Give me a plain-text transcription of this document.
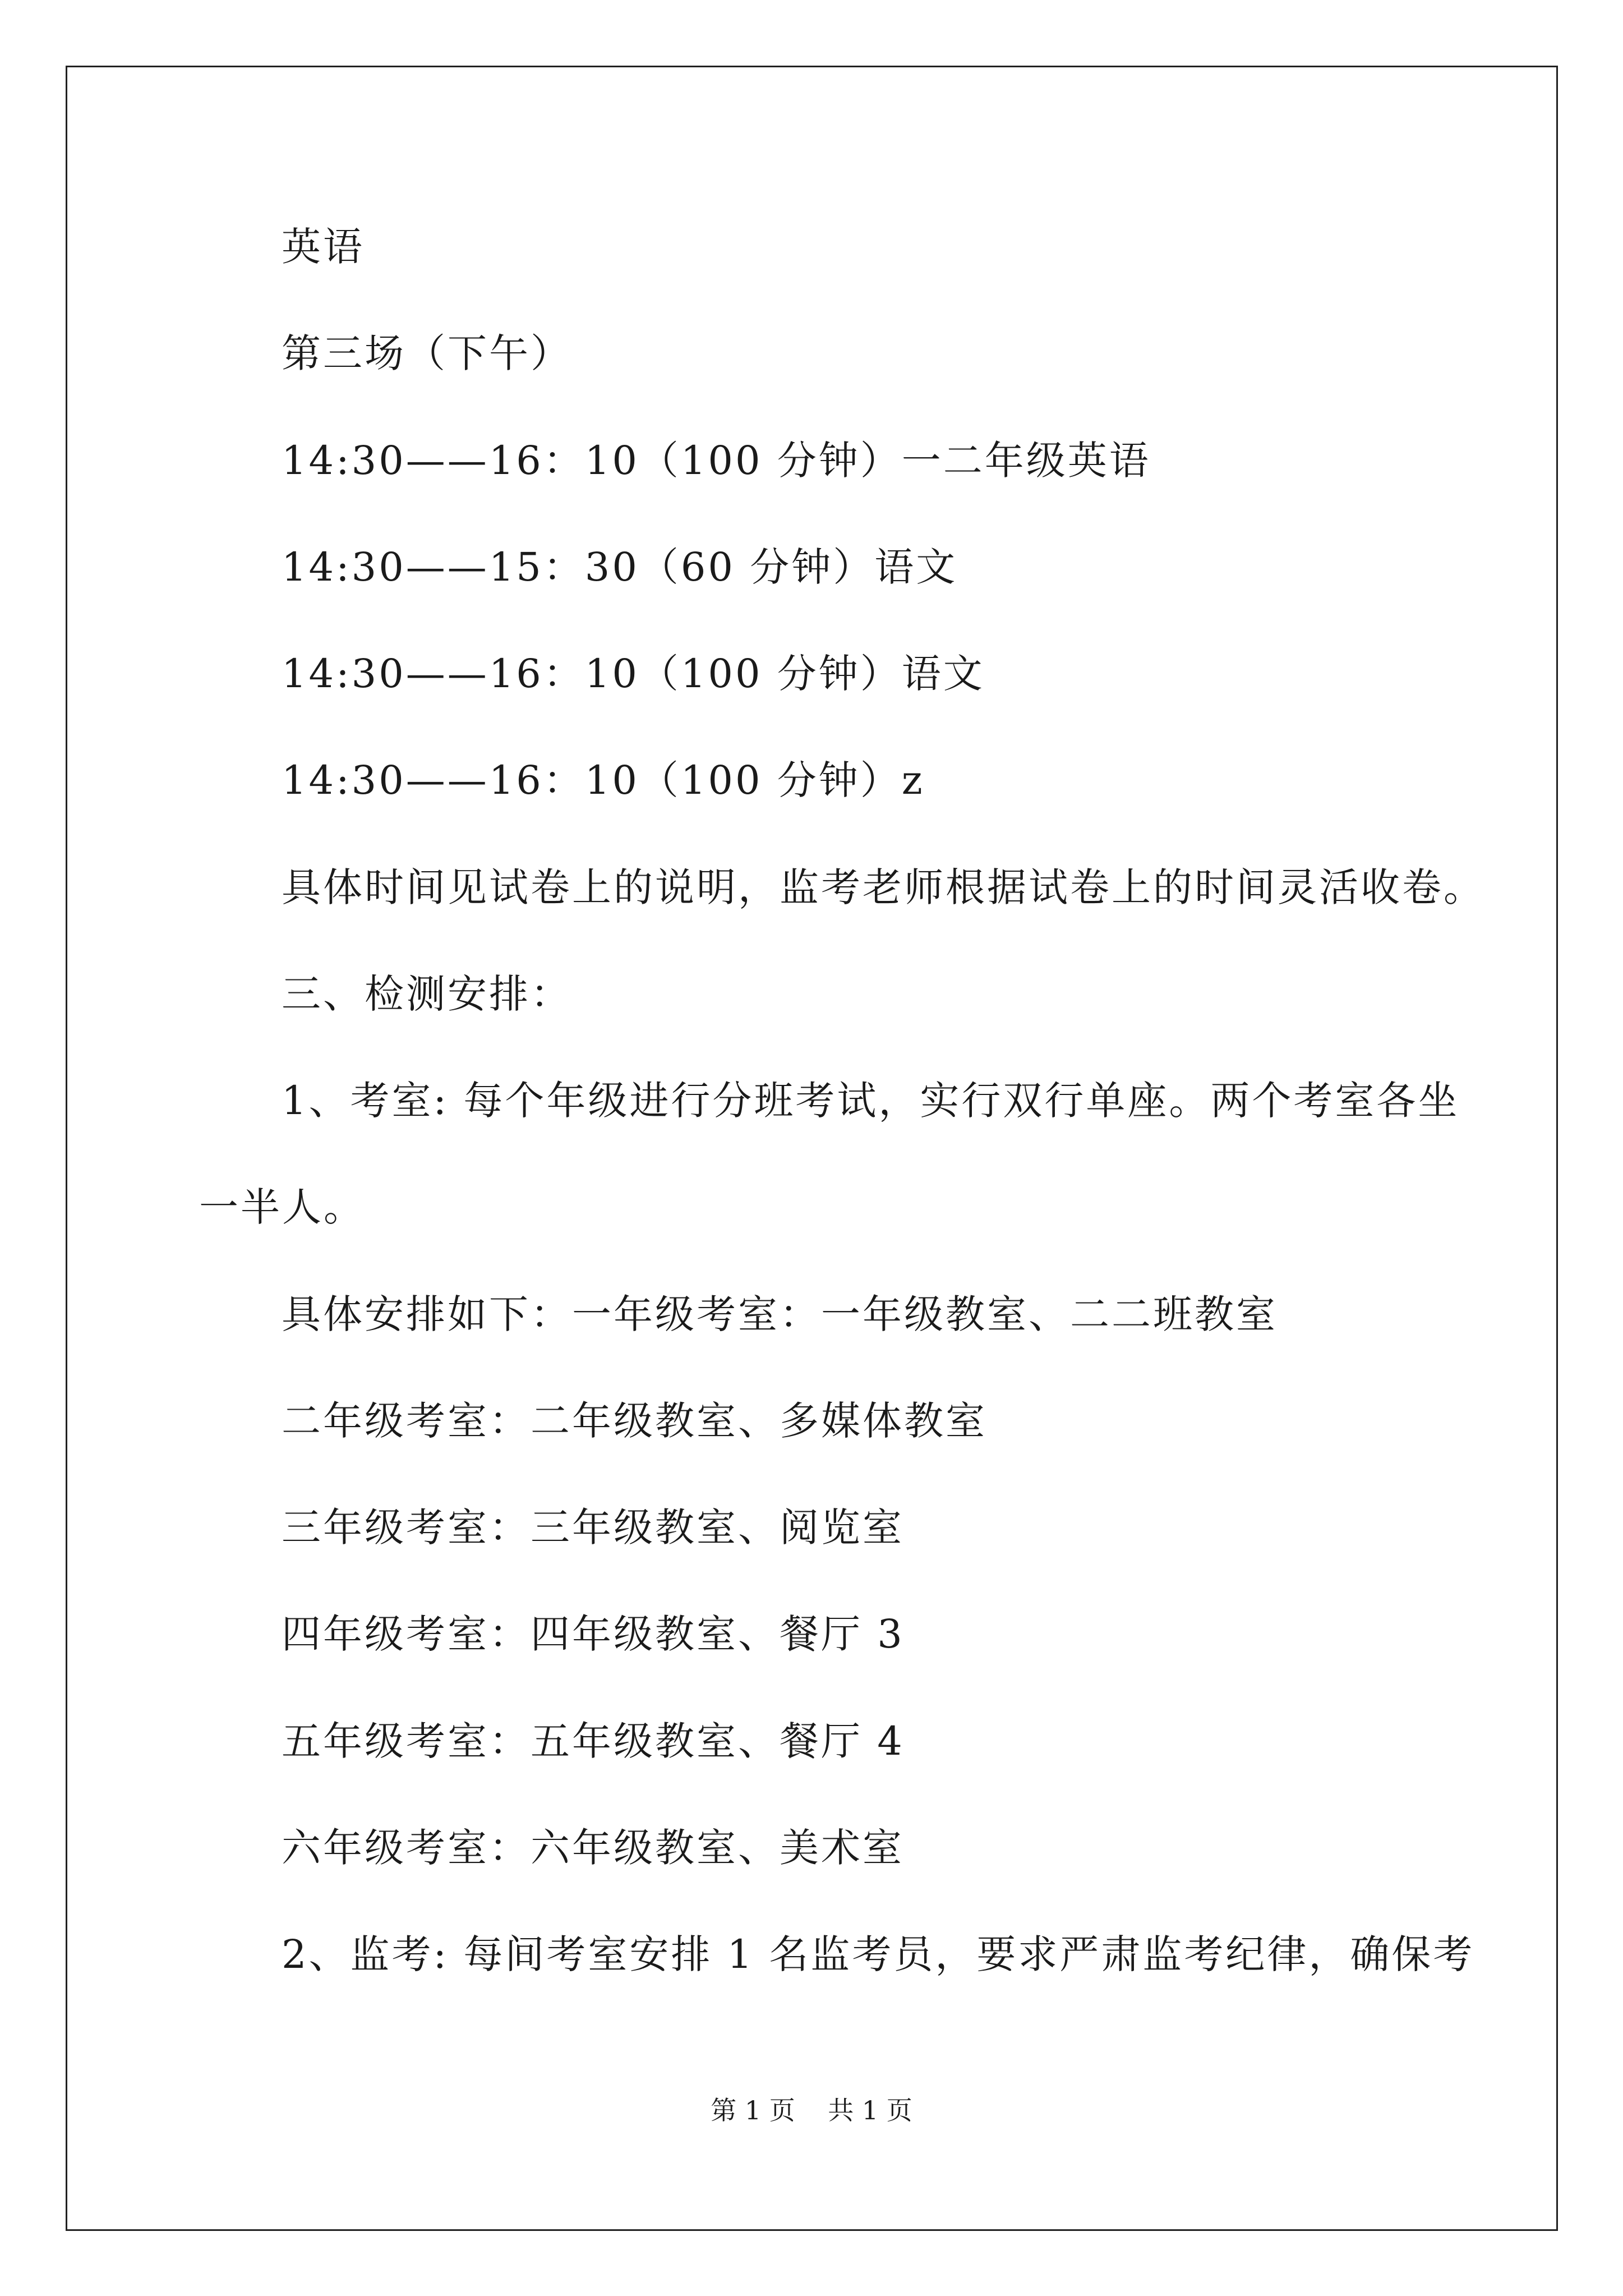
英语
第三场（下午）
14:30——16：10（100 分钟）一二年级英语
14:30——15：30（60 分钟）语文
14:30——16：10（100 分钟）语文
14:30——16：10（100 分钟）z
具体时间见试卷上的说明，监考老师根据试卷上的时间灵活收卷。
三、检测安排：
1、考室: 每个年级进行分班考试，实行双行单座。两个考室各坐
一半人。
具体安排如下：一年级考室：一年级教室、二二班教室
二年级考室：二年级教室、多媒体教室
三年级考室：三年级教室、阅览室
四年级考室：四年级教室、餐厅 3
五年级考室：五年级教室、餐厅 4
六年级考室：六年级教室、美术室
2、监考: 每间考室安排 1 名监考员，要求严肃监考纪律，确保考
第 1 页    共 1 页
